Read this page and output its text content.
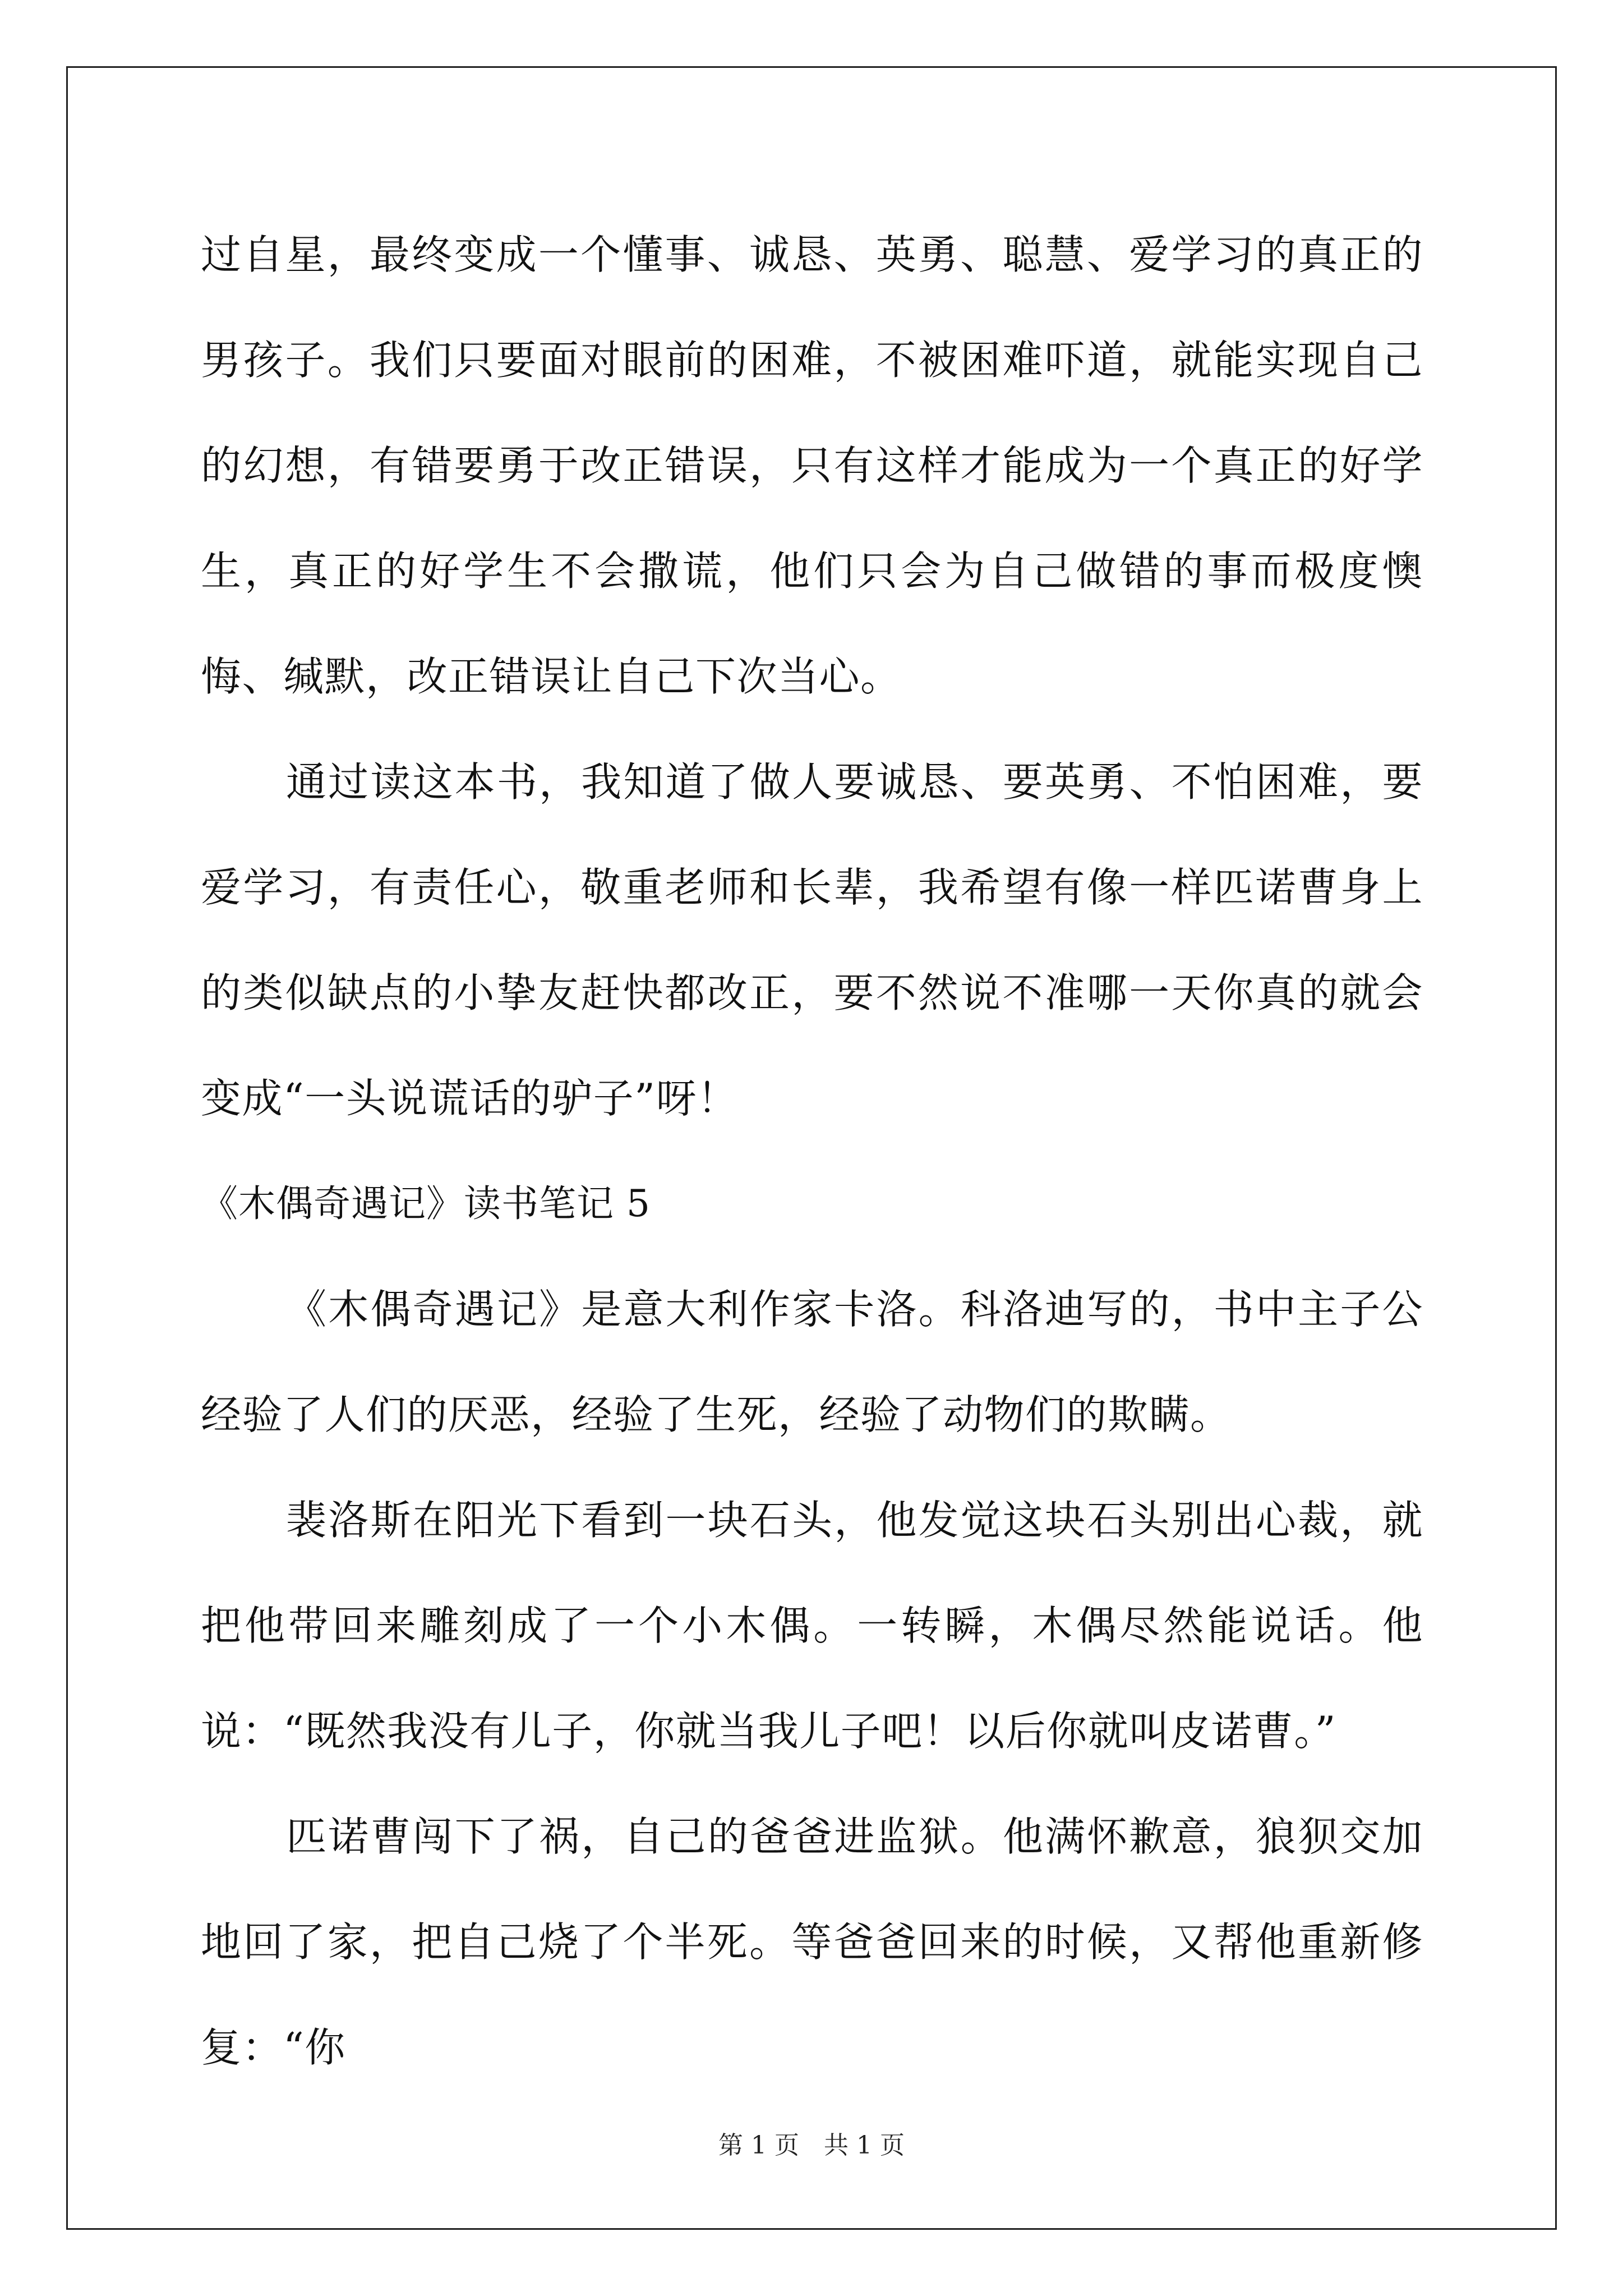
过自星，最终变成一个懂事、诚恳、英勇、聪慧、爱学习的真正的男孩子。我们只要面对眼前的困难，不被困难吓道，就能实现自己的幻想，有错要勇于改正错误，只有这样才能成为一个真正的好学生，真正的好学生不会撒谎，他们只会为自己做错的事而极度懊悔、缄默，改正错误让自己下次当心。

通过读这本书，我知道了做人要诚恳、要英勇、不怕困难，要爱学习，有责任心，敬重老师和长辈，我希望有像一样匹诺曹身上的类似缺点的小挚友赶快都改正，要不然说不准哪一天你真的就会变成“一头说谎话的驴子”呀！

《木偶奇遇记》读书笔记 5

《木偶奇遇记》是意大利作家卡洛。科洛迪写的，书中主子公经验了人们的厌恶，经验了生死，经验了动物们的欺瞒。

裴洛斯在阳光下看到一块石头，他发觉这块石头别出心裁，就把他带回来雕刻成了一个小木偶。一转瞬，木偶尽然能说话。他说：“既然我没有儿子，你就当我儿子吧！以后你就叫皮诺曹。”

匹诺曹闯下了祸，自己的爸爸进监狱。他满怀歉意，狼狈交加地回了家，把自己烧了个半死。等爸爸回来的时候，又帮他重新修复：“你

第 1 页　共 1 页
